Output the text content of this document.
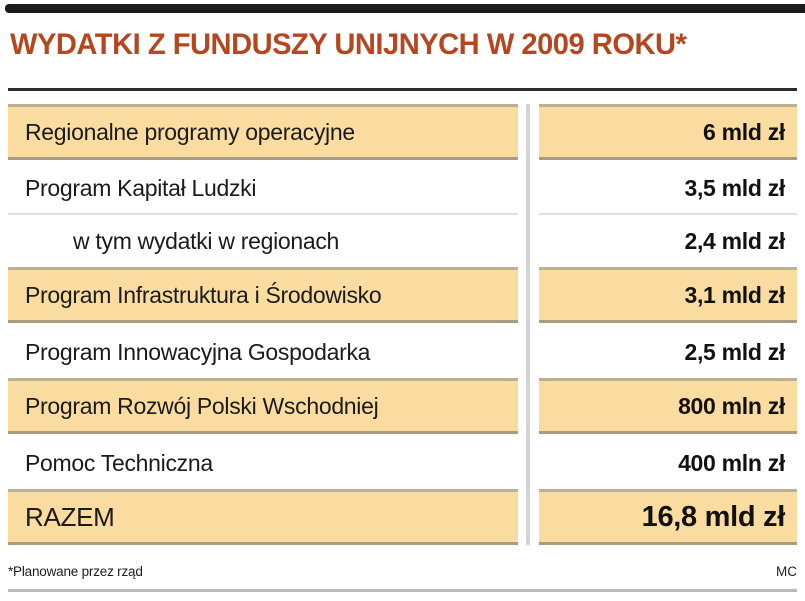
WYDATKI Z FUNDUSZY UNIJNYCH W 2009 ROKU*
Regionalne programy operacyjne	6 mld zł
Program Kapitał Ludzki	3,5 mld zł
w tym wydatki w regionach	2,4 mld zł
Program Infrastruktura i Środowisko	3,1 mld zł
Program Innowacyjna Gospodarka	2,5 mld zł
Program Rozwój Polski Wschodniej	800 mln zł
Pomoc Techniczna	400 mln zł
RAZEM	16,8 mld zł
*Planowane przez rząd	MC
